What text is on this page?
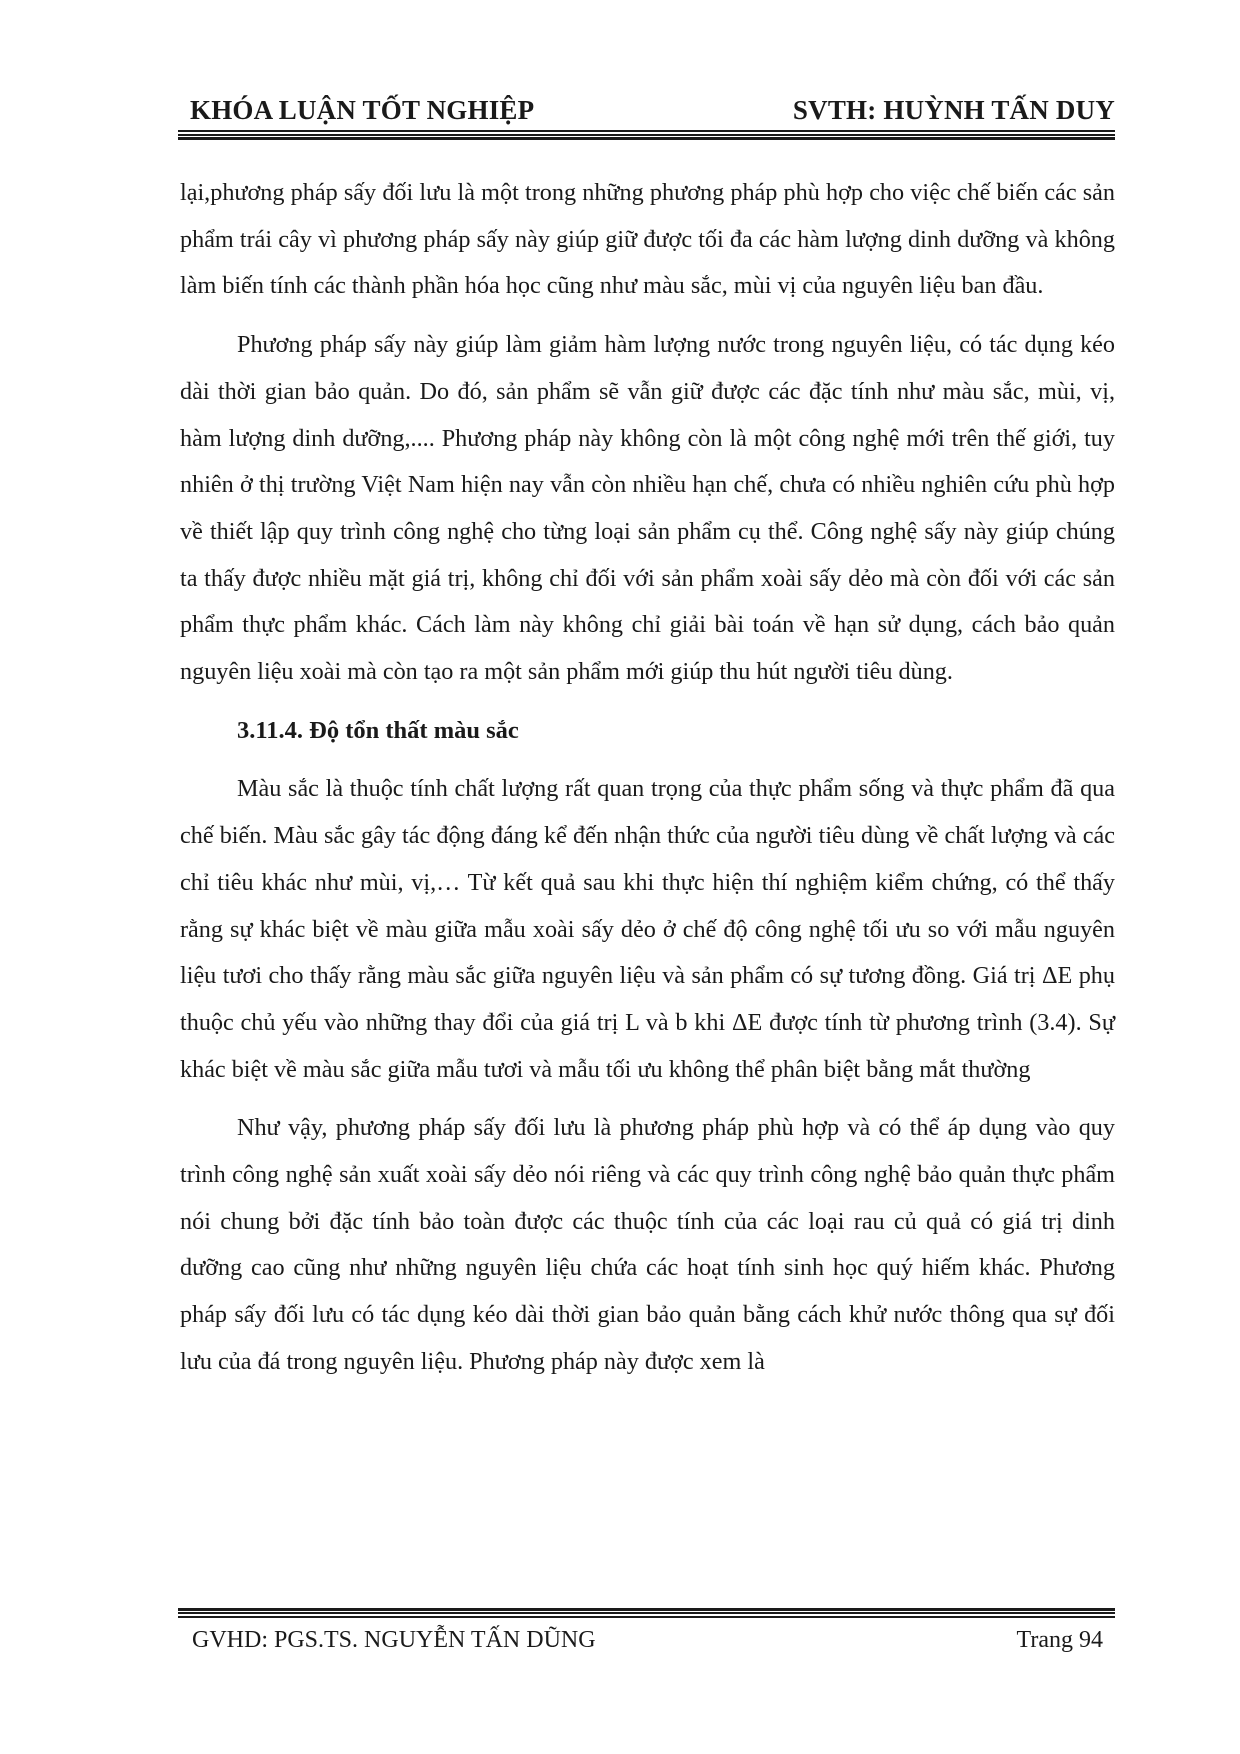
KHÓA LUẬN TỐT NGHIỆP	SVTH: HUỲNH TẤN DUY

lại,phương pháp sấy đối lưu là một trong những phương pháp phù hợp cho việc chế biến các sản phẩm trái cây vì phương pháp sấy này giúp giữ được tối đa các hàm lượng dinh dưỡng và không làm biến tính các thành phần hóa học cũng như màu sắc, mùi vị của nguyên liệu ban đầu.

Phương pháp sấy này giúp làm giảm hàm lượng nước trong nguyên liệu, có tác dụng kéo dài thời gian bảo quản. Do đó, sản phẩm sẽ vẫn giữ được các đặc tính như màu sắc, mùi, vị, hàm lượng dinh dưỡng,.... Phương pháp này không còn là một công nghệ mới trên thế giới, tuy nhiên ở thị trường Việt Nam hiện nay vẫn còn nhiều hạn chế, chưa có nhiều nghiên cứu phù hợp về thiết lập quy trình công nghệ cho từng loại sản phẩm cụ thể. Công nghệ sấy này giúp chúng ta thấy được nhiều mặt giá trị, không chỉ đối với sản phẩm xoài sấy dẻo mà còn đối với các sản phẩm thực phẩm khác. Cách làm này không chỉ giải bài toán về hạn sử dụng, cách bảo quản nguyên liệu xoài mà còn tạo ra một sản phẩm mới giúp thu hút người tiêu dùng.

3.11.4. Độ tổn thất màu sắc

Màu sắc là thuộc tính chất lượng rất quan trọng của thực phẩm sống và thực phẩm đã qua chế biến. Màu sắc gây tác động đáng kể đến nhận thức của người tiêu dùng về chất lượng và các chỉ tiêu khác như mùi, vị,… Từ kết quả sau khi thực hiện thí nghiệm kiểm chứng, có thể thấy rằng sự khác biệt về màu giữa mẫu xoài sấy dẻo ở chế độ công nghệ tối ưu so với mẫu nguyên liệu tươi cho thấy rằng màu sắc giữa nguyên liệu và sản phẩm có sự tương đồng. Giá trị ΔE phụ thuộc chủ yếu vào những thay đổi của giá trị L và b khi ΔE được tính từ phương trình (3.4). Sự khác biệt về màu sắc giữa mẫu tươi và mẫu tối ưu không thể phân biệt bằng mắt thường

Như vậy, phương pháp sấy đối lưu là phương pháp phù hợp và có thể áp dụng vào quy trình công nghệ sản xuất xoài sấy dẻo nói riêng và các quy trình công nghệ bảo quản thực phẩm nói chung bởi đặc tính bảo toàn được các thuộc tính của các loại rau củ quả có giá trị dinh dưỡng cao cũng như những nguyên liệu chứa các hoạt tính sinh học quý hiếm khác. Phương pháp sấy đối lưu có tác dụng kéo dài thời gian bảo quản bằng cách khử nước thông qua sự đối lưu của đá trong nguyên liệu. Phương pháp này được xem là

GVHD: PGS.TS. NGUYỄN TẤN DŨNG	Trang 94
